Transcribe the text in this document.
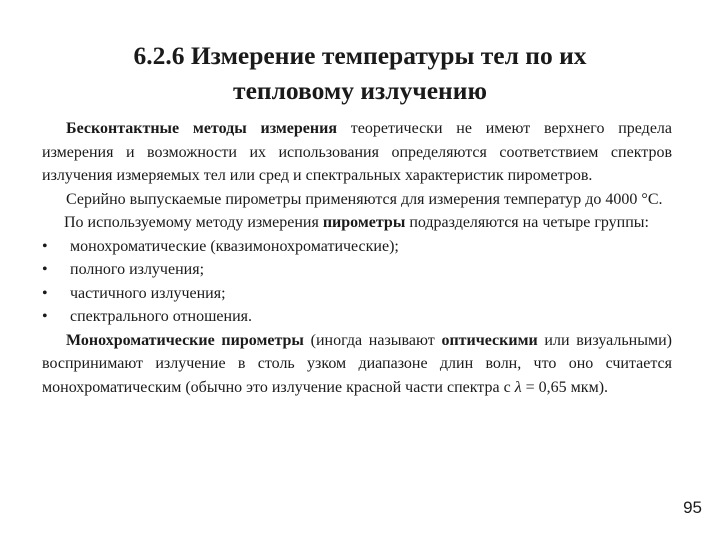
6.2.6 Измерение температуры тел по их
тепловому излучению

Бесконтактные методы измерения теоретически не имеют верхнего предела измерения и возможности их использования определяются соответствием спектров излучения измеряемых тел или сред и спектральных характеристик пирометров.

Серийно выпускаемые пирометры применяются для измерения температур до 4000 °С.

По используемому методу измерения пирометры подразделяются на четыре группы:

• монохроматические (квазимонохроматические);
• полного излучения;
• частичного излучения;
• спектрального отношения.

Монохроматические пирометры (иногда называют оптическими или визуальными) воспринимают излучение в столь узком диапазоне длин волн, что оно считается монохроматическим (обычно это излучение красной части спектра с λ = 0,65 мкм).

95
